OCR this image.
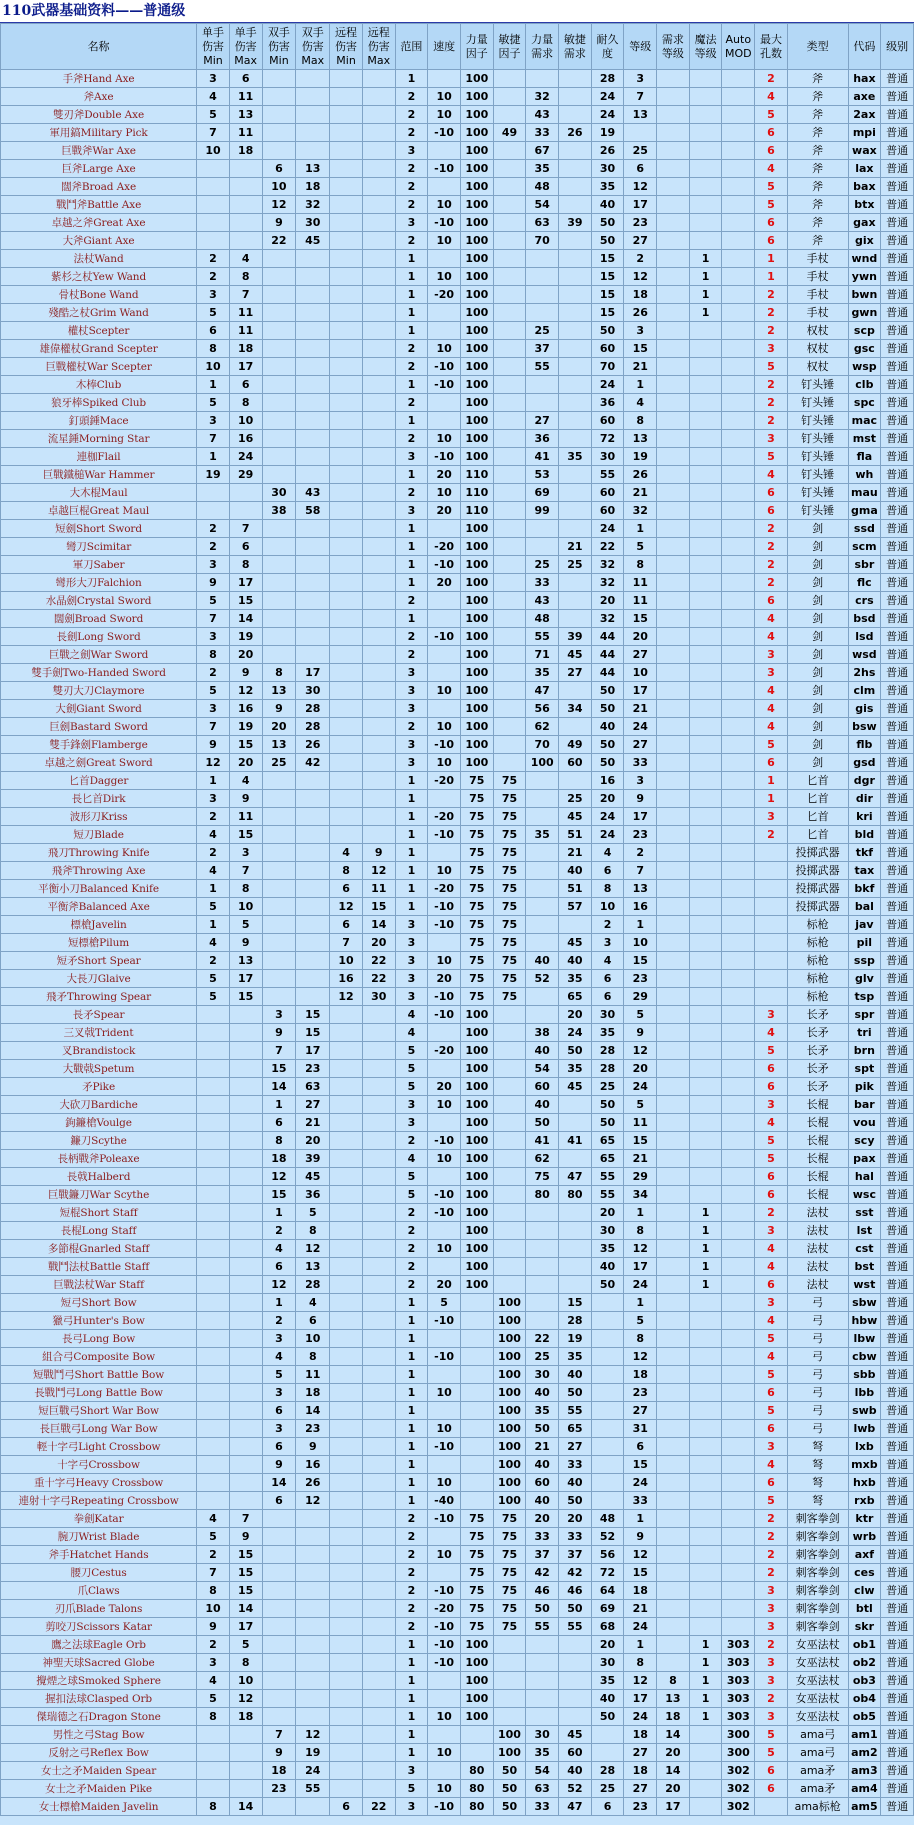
110武器基础资料——普通级
名称	单手伤害Min	单手伤害Max	双手伤害Min	双手伤害Max	远程伤害Min	远程伤害Max	范围	速度	力量因子	敏捷因子	力量需求	敏捷需求	耐久度	等级	需求等级	魔法等级	Auto MOD	最大孔数	类型	代码	级别
手斧Hand Axe	3	6					1		100				28	3				2	斧	hax	普通
斧Axe	4	11					2	10	100		32		24	7				4	斧	axe	普通
雙刃斧Double Axe	5	13					2	10	100		43		24	13				5	斧	2ax	普通
軍用鎬Military Pick	7	11					2	-10	100	49	33	26	19					6	斧	mpi	普通
巨戰斧War Axe	10	18					3		100		67		26	25				6	斧	wax	普通
巨斧Large Axe			6	13			2	-10	100		35		30	6				4	斧	lax	普通
闊斧Broad Axe			10	18			2		100		48		35	12				5	斧	bax	普通
戰鬥斧Battle Axe			12	32			2	10	100		54		40	17				5	斧	btx	普通
卓越之斧Great Axe			9	30			3	-10	100		63	39	50	23				6	斧	gax	普通
大斧Giant Axe			22	45			2	10	100		70		50	27				6	斧	gix	普通
法杖Wand	2	4					1		100				15	2		1		1	手杖	wnd	普通
紫杉之杖Yew Wand	2	8					1	10	100				15	12		1		1	手杖	ywn	普通
骨杖Bone Wand	3	7					1	-20	100				15	18		1		2	手杖	bwn	普通
殘酷之杖Grim Wand	5	11					1		100				15	26		1		2	手杖	gwn	普通
權杖Scepter	6	11					1		100		25		50	3				2	权杖	scp	普通
雄偉權杖Grand Scepter	8	18					2	10	100		37		60	15				3	权杖	gsc	普通
巨戰權杖War Scepter	10	17					2	-10	100		55		70	21				5	权杖	wsp	普通
木棒Club	1	6					1	-10	100				24	1				2	钉头锤	clb	普通
狼牙棒Spiked Club	5	8					2		100				36	4				2	钉头锤	spc	普通
釘頭錘Mace	3	10					1		100		27		60	8				2	钉头锤	mac	普通
流星錘Morning Star	7	16					2	10	100		36		72	13				3	钉头锤	mst	普通
連枷Flail	1	24					3	-10	100		41	35	30	19				5	钉头锤	fla	普通
巨戰鐵槌War Hammer	19	29					1	20	110		53		55	26				4	钉头锤	wh	普通
大木棍Maul			30	43			2	10	110		69		60	21				6	钉头锤	mau	普通
卓越巨棍Great Maul			38	58			3	20	110		99		60	32				6	钉头锤	gma	普通
短劍Short Sword	2	7					1		100				24	1				2	剑	ssd	普通
彎刀Scimitar	2	6					1	-20	100			21	22	5				2	剑	scm	普通
軍刀Saber	3	8					1	-10	100		25	25	32	8				2	剑	sbr	普通
彎形大刀Falchion	9	17					1	20	100		33		32	11				2	剑	flc	普通
水晶劍Crystal Sword	5	15					2		100		43		20	11				6	剑	crs	普通
闊劍Broad Sword	7	14					1		100		48		32	15				4	剑	bsd	普通
長劍Long Sword	3	19					2	-10	100		55	39	44	20				4	剑	lsd	普通
巨戰之劍War Sword	8	20					2		100		71	45	44	27				3	剑	wsd	普通
雙手劍Two-Handed Sword	2	9	8	17			3		100		35	27	44	10				3	剑	2hs	普通
雙刃大刀Claymore	5	12	13	30			3	10	100		47		50	17				4	剑	clm	普通
大劍Giant Sword	3	16	9	28			3		100		56	34	50	21				4	剑	gis	普通
巨劍Bastard Sword	7	19	20	28			2	10	100		62		40	24				4	剑	bsw	普通
雙手鋒劍Flamberge	9	15	13	26			3	-10	100		70	49	50	27				5	剑	flb	普通
卓越之劍Great Sword	12	20	25	42			3	10	100		100	60	50	33				6	剑	gsd	普通
匕首Dagger	1	4					1	-20	75	75			16	3				1	匕首	dgr	普通
長匕首Dirk	3	9					1		75	75		25	20	9				1	匕首	dir	普通
波形刀Kriss	2	11					1	-20	75	75		45	24	17				3	匕首	kri	普通
短刀Blade	4	15					1	-10	75	75	35	51	24	23				2	匕首	bld	普通
飛刀Throwing Knife	2	3			4	9	1		75	75		21	4	2					投掷武器	tkf	普通
飛斧Throwing Axe	4	7			8	12	1	10	75	75		40	6	7					投掷武器	tax	普通
平衡小刀Balanced Knife	1	8			6	11	1	-20	75	75		51	8	13					投掷武器	bkf	普通
平衡斧Balanced Axe	5	10			12	15	1	-10	75	75		57	10	16					投掷武器	bal	普通
標槍Javelin	1	5			6	14	3	-10	75	75			2	1					标枪	jav	普通
短標槍Pilum	4	9			7	20	3		75	75		45	3	10					标枪	pil	普通
短矛Short Spear	2	13			10	22	3	10	75	75	40	40	4	15					标枪	ssp	普通
大長刀Glaive	5	17			16	22	3	20	75	75	52	35	6	23					标枪	glv	普通
飛矛Throwing Spear	5	15			12	30	3	-10	75	75		65	6	29					标枪	tsp	普通
長矛Spear			3	15			4	-10	100			20	30	5				3	长矛	spr	普通
三叉戟Trident			9	15			4		100		38	24	35	9				4	长矛	tri	普通
叉Brandistock			7	17			5	-20	100		40	50	28	12				5	长矛	brn	普通
大戰戟Spetum			15	23			5		100		54	35	28	20				6	长矛	spt	普通
矛Pike			14	63			5	20	100		60	45	25	24				6	长矛	pik	普通
大砍刀Bardiche			1	27			3	10	100		40		50	5				3	长棍	bar	普通
鉤鐮槍Voulge			6	21			3		100		50		50	11				4	长棍	vou	普通
鐮刀Scythe			8	20			2	-10	100		41	41	65	15				5	长棍	scy	普通
長柄戰斧Poleaxe			18	39			4	10	100		62		65	21				5	长棍	pax	普通
長戟Halberd			12	45			5		100		75	47	55	29				6	长棍	hal	普通
巨戰鐮刀War Scythe			15	36			5	-10	100		80	80	55	34				6	长棍	wsc	普通
短棍Short Staff			1	5			2	-10	100				20	1		1		2	法杖	sst	普通
長棍Long Staff			2	8			2		100				30	8		1		3	法杖	lst	普通
多節棍Gnarled Staff			4	12			2	10	100				35	12		1		4	法杖	cst	普通
戰鬥法杖Battle Staff			6	13			2		100				40	17		1		4	法杖	bst	普通
巨戰法杖War Staff			12	28			2	20	100				50	24		1		6	法杖	wst	普通
短弓Short Bow			1	4			1	5		100		15		1				3	弓	sbw	普通
獵弓Hunter's Bow			2	6			1	-10		100		28		5				4	弓	hbw	普通
長弓Long Bow			3	10			1			100	22	19		8				5	弓	lbw	普通
組合弓Composite Bow			4	8			1	-10		100	25	35		12				4	弓	cbw	普通
短戰鬥弓Short Battle Bow			5	11			1			100	30	40		18				5	弓	sbb	普通
長戰鬥弓Long Battle Bow			3	18			1	10		100	40	50		23				6	弓	lbb	普通
短巨戰弓Short War Bow			6	14			1			100	35	55		27				5	弓	swb	普通
長巨戰弓Long War Bow			3	23			1	10		100	50	65		31				6	弓	lwb	普通
輕十字弓Light Crossbow			6	9			1	-10		100	21	27		6				3	弩	lxb	普通
十字弓Crossbow			9	16			1			100	40	33		15				4	弩	mxb	普通
重十字弓Heavy Crossbow			14	26			1	10		100	60	40		24				6	弩	hxb	普通
連射十字弓Repeating Crossbow			6	12			1	-40		100	40	50		33				5	弩	rxb	普通
拳劍Katar	4	7					2	-10	75	75	20	20	48	1				2	刺客拳剑	ktr	普通
腕刀Wrist Blade	5	9					2		75	75	33	33	52	9				2	刺客拳剑	wrb	普通
斧手Hatchet Hands	2	15					2	10	75	75	37	37	56	12				2	刺客拳剑	axf	普通
腰刀Cestus	7	15					2		75	75	42	42	72	15				2	刺客拳剑	ces	普通
爪Claws	8	15					2	-10	75	75	46	46	64	18				3	刺客拳剑	clw	普通
刃爪Blade Talons	10	14					2	-20	75	75	50	50	69	21				3	刺客拳剑	btl	普通
剪咬刀Scissors Katar	9	17					2	-10	75	75	55	55	68	24				3	刺客拳剑	skr	普通
鷹之法球Eagle Orb	2	5					1	-10	100				20	1		1	303	2	女巫法杖	ob1	普通
神聖天球Sacred Globe	3	8					1	-10	100				30	8		1	303	3	女巫法杖	ob2	普通
攪煙之球Smoked Sphere	4	10					1		100				35	12	8	1	303	3	女巫法杖	ob3	普通
握扣法球Clasped Orb	5	12					1		100				40	17	13	1	303	2	女巫法杖	ob4	普通
傑瑞德之石Dragon Stone	8	18					1	10	100				50	24	18	1	303	3	女巫法杖	ob5	普通
男性之弓Stag Bow			7	12			1			100	30	45		18	14		300	5	ama弓	am1	普通
反射之弓Reflex Bow			9	19			1	10		100	35	60		27	20		300	5	ama弓	am2	普通
女士之矛Maiden Spear			18	24			3		80	50	54	40	28	18	14		302	6	ama矛	am3	普通
女士之矛Maiden Pike			23	55			5	10	80	50	63	52	25	27	20		302	6	ama矛	am4	普通
女士標槍Maiden Javelin	8	14			6	22	3	-10	80	50	33	47	6	23	17		302		ama标枪	am5	普通
